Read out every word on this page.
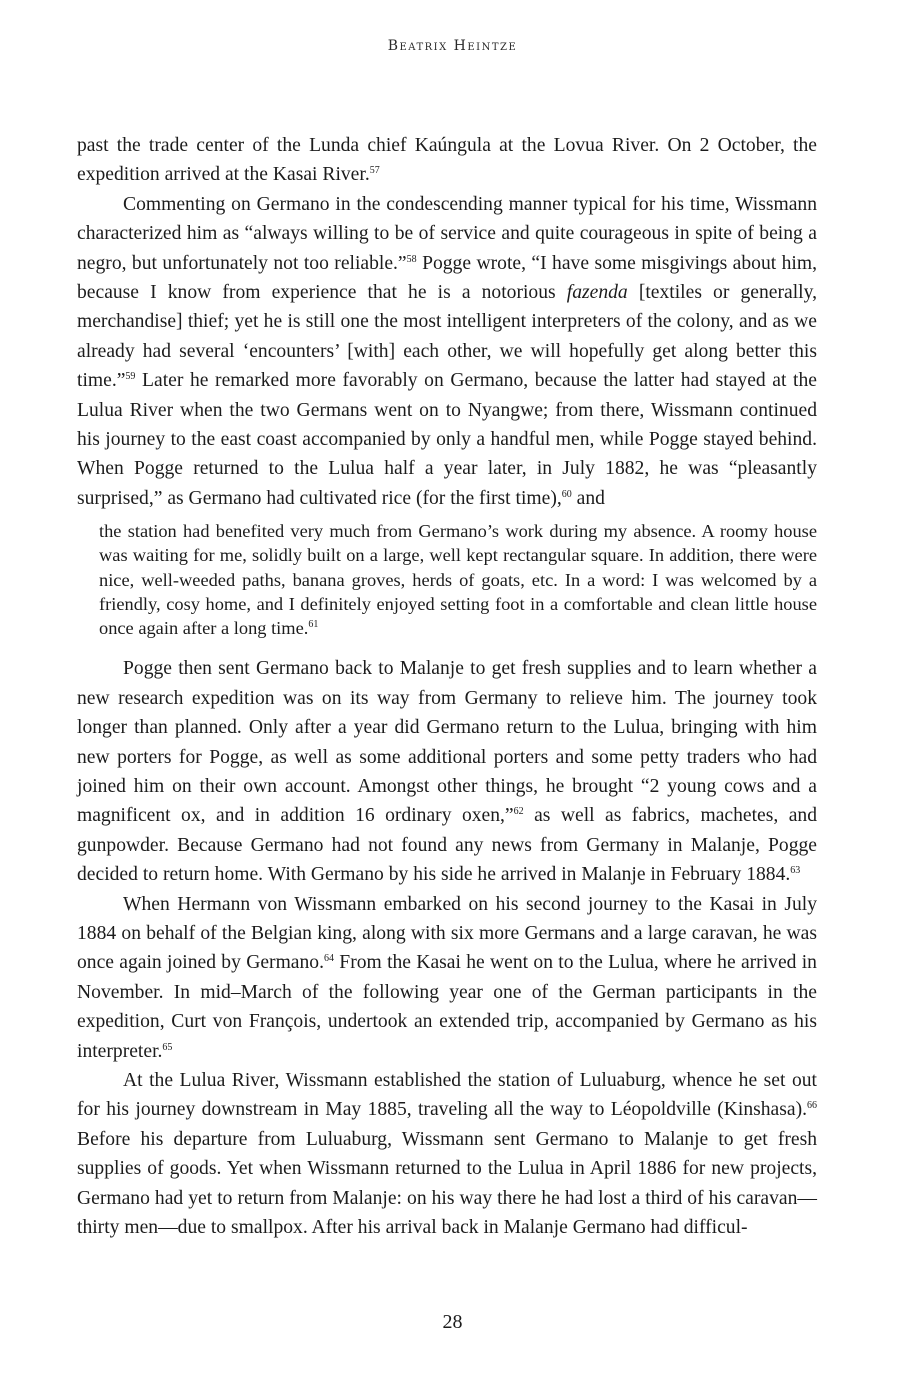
Beatrix Heintze

past the trade center of the Lunda chief Kaúngula at the Lovua River. On 2 October, the expedition arrived at the Kasai River.$^{57}$

Commenting on Germano in the condescending manner typical for his time, Wissmann characterized him as “always willing to be of service and quite courageous in spite of being a negro, but unfortunately not too reliable.”$^{58}$ Pogge wrote, “I have some misgivings about him, because I know from experience that he is a notorious fazenda [textiles or generally, merchandise] thief; yet he is still one the most intelligent interpreters of the colony, and as we already had several ‘encounters’ [with] each other, we will hopefully get along better this time.”$^{59}$ Later he remarked more favorably on Germano, because the latter had stayed at the Lulua River when the two Germans went on to Nyangwe; from there, Wissmann continued his journey to the east coast accompanied by only a handful men, while Pogge stayed behind. When Pogge returned to the Lulua half a year later, in July 1882, he was “pleasantly surprised,” as Germano had cultivated rice (for the first time),$^{60}$ and

the station had benefited very much from Germano’s work during my absence. A roomy house was waiting for me, solidly built on a large, well kept rectangular square. In addition, there were nice, well-weeded paths, banana groves, herds of goats, etc. In a word: I was welcomed by a friendly, cosy home, and I definitely enjoyed setting foot in a comfortable and clean little house once again after a long time.$^{61}$

Pogge then sent Germano back to Malanje to get fresh supplies and to learn whether a new research expedition was on its way from Germany to relieve him. The journey took longer than planned. Only after a year did Germano return to the Lulua, bringing with him new porters for Pogge, as well as some additional porters and some petty traders who had joined him on their own account. Amongst other things, he brought “2 young cows and a magnificent ox, and in addition 16 ordinary oxen,”$^{62}$ as well as fabrics, machetes, and gunpowder. Because Germano had not found any news from Germany in Malanje, Pogge decided to return home. With Germano by his side he arrived in Malanje in February 1884.63

When Hermann von Wissmann embarked on his second journey to the Kasai in July 1884 on behalf of the Belgian king, along with six more Germans and a large caravan, he was once again joined by Germano.$^{64}$ From the Kasai he went on to the Lulua, where he arrived in November. In mid–March of the following year one of the German participants in the expedition, Curt von François, undertook an extended trip, accompanied by Germano as his interpreter.$^{65}$

At the Lulua River, Wissmann established the station of Luluaburg, whence he set out for his journey downstream in May 1885, traveling all the way to Léopoldville (Kinshasa).$^{66}$ Before his departure from Luluaburg, Wissmann sent Germano to Malanje to get fresh supplies of goods. Yet when Wissmann returned to the Lulua in April 1886 for new projects, Germano had yet to return from Malanje: on his way there he had lost a third of his caravan—thirty men—due to smallpox. After his arrival back in Malanje Germano had difficul-

28
